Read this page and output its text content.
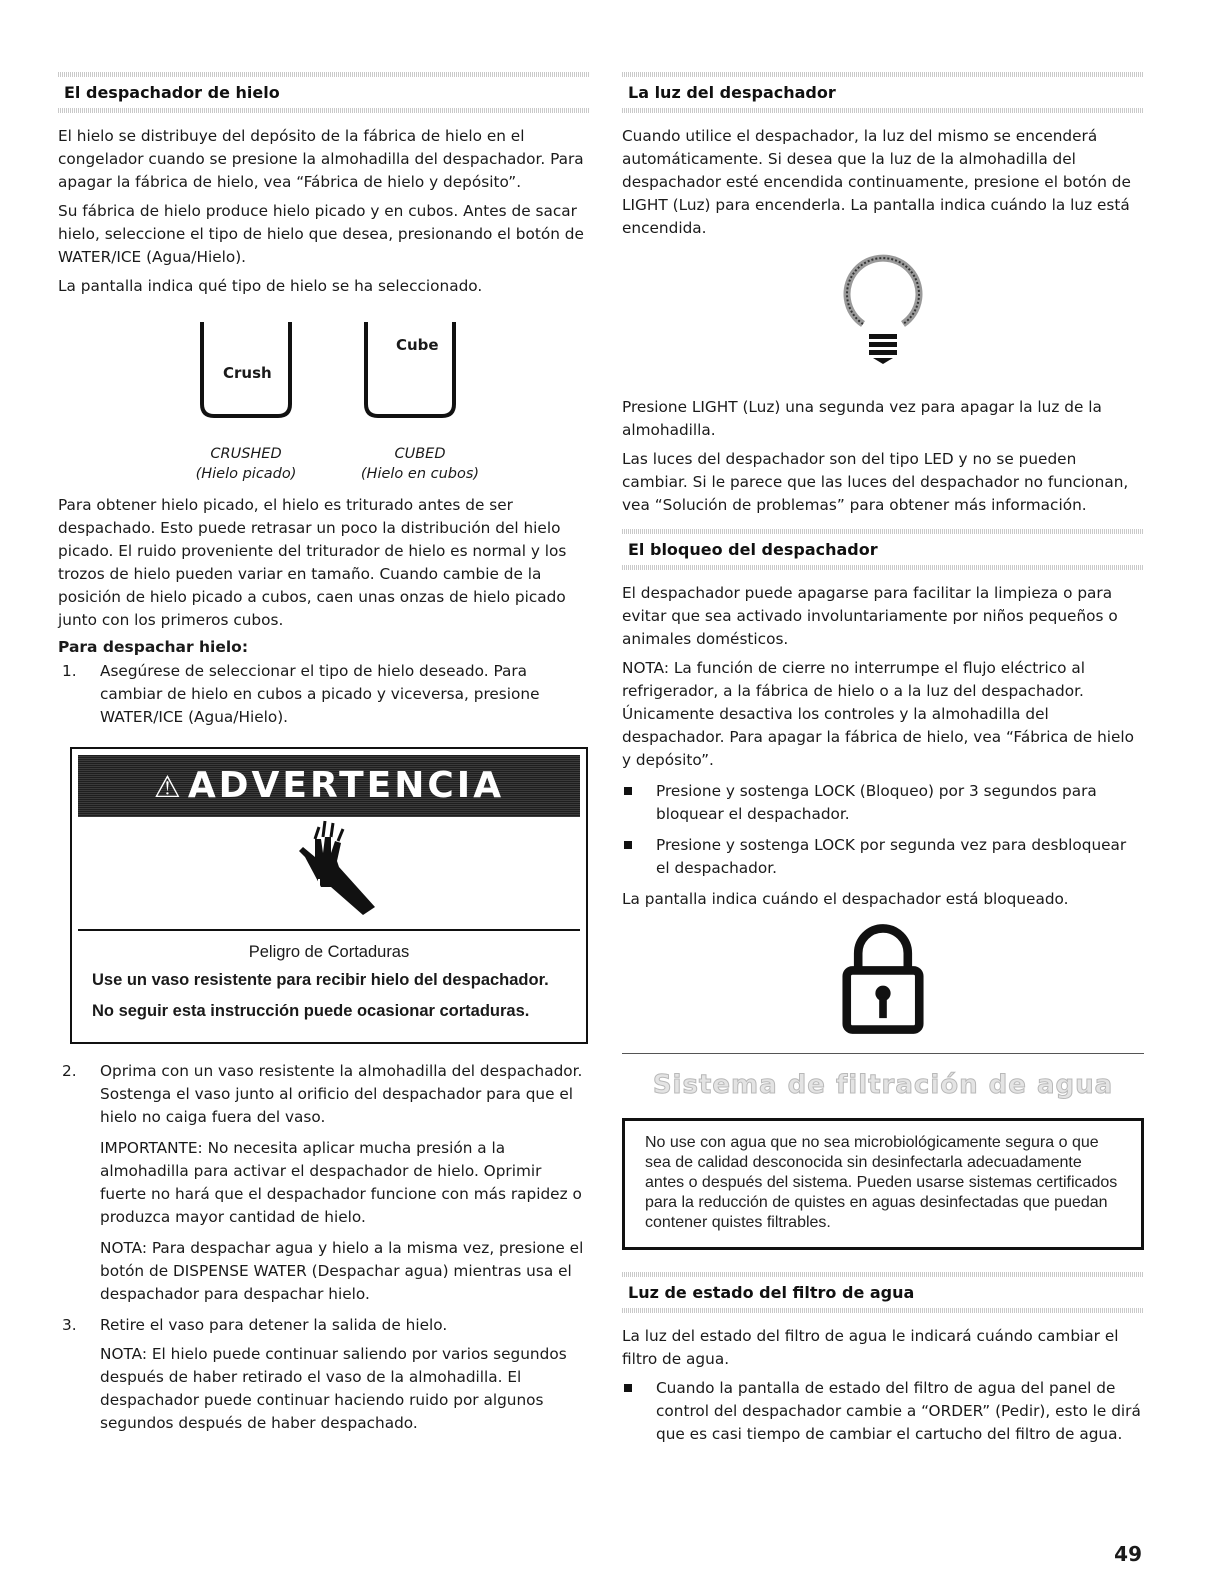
El despachador de hielo

El hielo se distribuye del depósito de la fábrica de hielo en el congelador cuando se presione la almohadilla del despachador. Para apagar la fábrica de hielo, vea “Fábrica de hielo y depósito”.

Su fábrica de hielo produce hielo picado y en cubos. Antes de sacar hielo, seleccione el tipo de hielo que desea, presionando el botón de WATER/ICE (Agua/Hielo).

La pantalla indica qué tipo de hielo se ha seleccionado.

Crush
Cube
CRUSHED
(Hielo picado)
CUBED
(Hielo en cubos)

Para obtener hielo picado, el hielo es triturado antes de ser despachado. Esto puede retrasar un poco la distribución del hielo picado. El ruido proveniente del triturador de hielo es normal y los trozos de hielo pueden variar en tamaño. Cuando cambie de la posición de hielo picado a cubos, caen unas onzas de hielo picado junto con los primeros cubos.

Para despachar hielo:
1. Asegúrese de seleccionar el tipo de hielo deseado. Para cambiar de hielo en cubos a picado y viceversa, presione WATER/ICE (Agua/Hielo).
⚠ ADVERTENCIA
Peligro de Cortaduras
Use un vaso resistente para recibir hielo del despachador.
No seguir esta instrucción puede ocasionar cortaduras.
2. Oprima con un vaso resistente la almohadilla del despachador. Sostenga el vaso junto al orificio del despachador para que el hielo no caiga fuera del vaso.

IMPORTANTE: No necesita aplicar mucha presión a la almohadilla para activar el despachador de hielo. Oprimir fuerte no hará que el despachador funcione con más rapidez o produzca mayor cantidad de hielo.

NOTA: Para despachar agua y hielo a la misma vez, presione el botón de DISPENSE WATER (Despachar agua) mientras usa el despachador para despachar hielo.

3. Retire el vaso para detener la salida de hielo.

NOTA: El hielo puede continuar saliendo por varios segundos después de haber retirado el vaso de la almohadilla. El despachador puede continuar haciendo ruido por algunos segundos después de haber despachado.

La luz del despachador

Cuando utilice el despachador, la luz del mismo se encenderá automáticamente. Si desea que la luz de la almohadilla del despachador esté encendida continuamente, presione el botón de LIGHT (Luz) para encenderla. La pantalla indica cuándo la luz está encendida.

Presione LIGHT (Luz) una segunda vez para apagar la luz de la almohadilla.

Las luces del despachador son del tipo LED y no se pueden cambiar. Si le parece que las luces del despachador no funcionan, vea “Solución de problemas” para obtener más información.

El bloqueo del despachador

El despachador puede apagarse para facilitar la limpieza o para evitar que sea activado involuntariamente por niños pequeños o animales domésticos.

NOTA: La función de cierre no interrumpe el flujo eléctrico al refrigerador, a la fábrica de hielo o a la luz del despachador. Únicamente desactiva los controles y la almohadilla del despachador. Para apagar la fábrica de hielo, vea “Fábrica de hielo y depósito”.

Presione y sostenga LOCK (Bloqueo) por 3 segundos para bloquear el despachador.
Presione y sostenga LOCK por segunda vez para desbloquear el despachador.

La pantalla indica cuándo el despachador está bloqueado.

Sistema de filtración de agua
No use con agua que no sea microbiológicamente segura o que sea de calidad desconocida sin desinfectarla adecuadamente antes o después del sistema. Pueden usarse sistemas certificados para la reducción de quistes en aguas desinfectadas que puedan contener quistes filtrables.
Luz de estado del filtro de agua

La luz del estado del filtro de agua le indicará cuándo cambiar el filtro de agua.

Cuando la pantalla de estado del filtro de agua del panel de control del despachador cambie a “ORDER” (Pedir), esto le dirá que es casi tiempo de cambiar el cartucho del filtro de agua.
49
